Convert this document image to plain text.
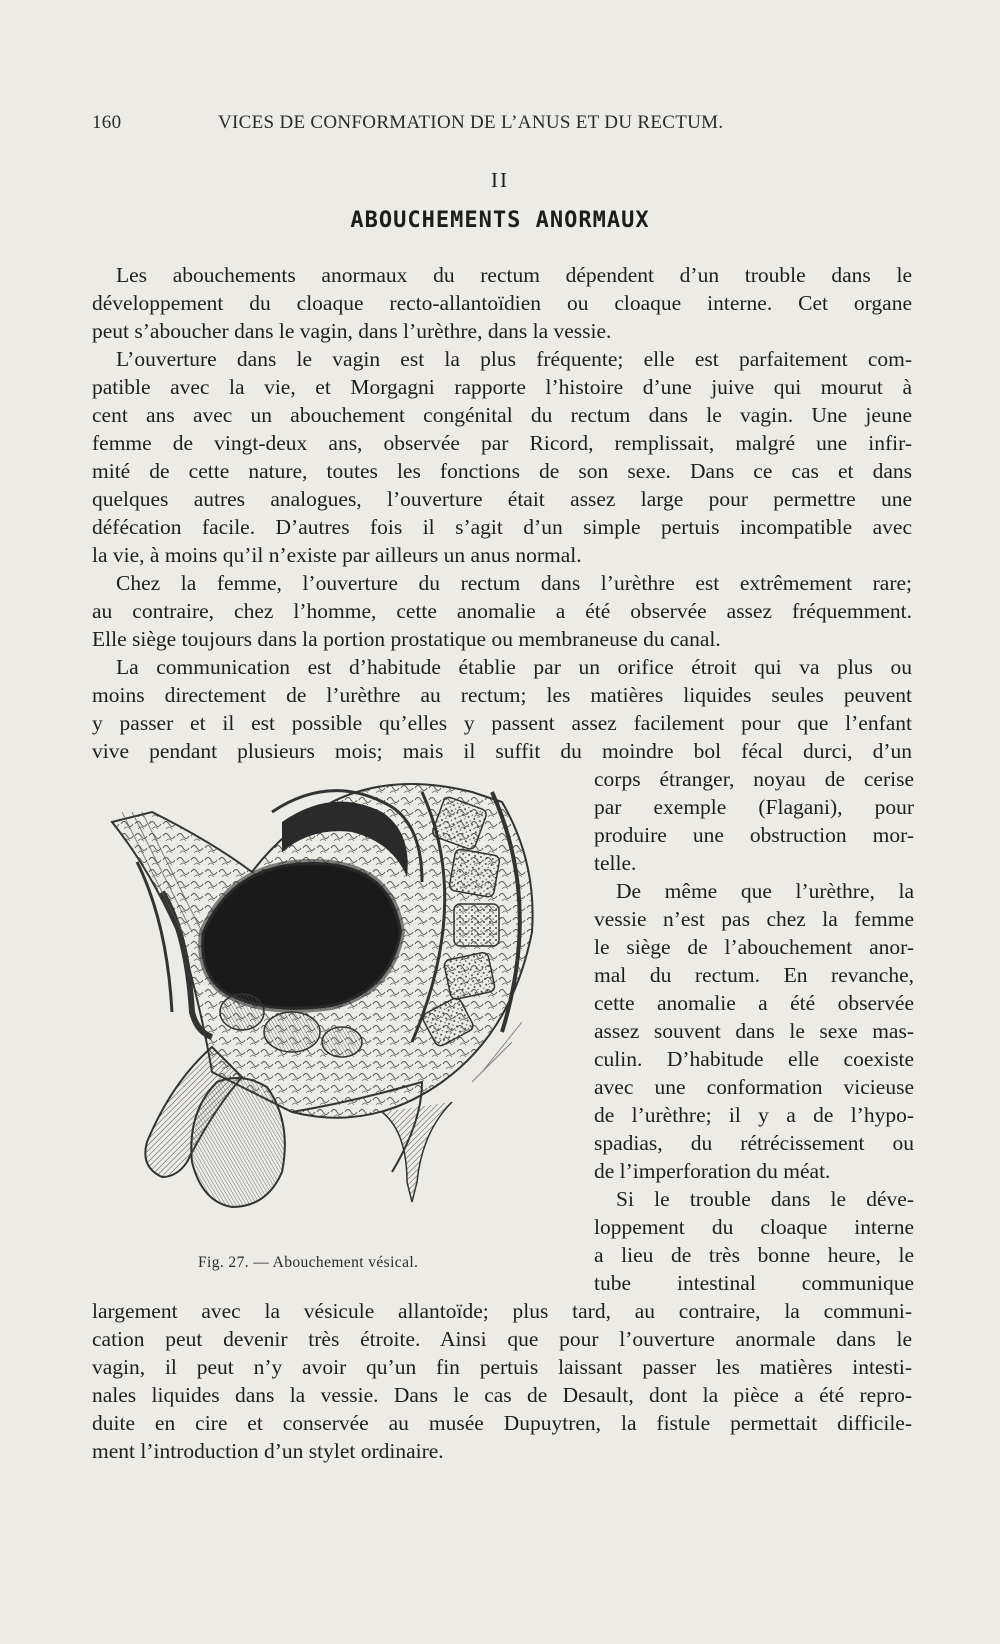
160	VICES DE CONFORMATION DE L’ANUS ET DU RECTUM.
II
ABOUCHEMENTS ANORMAUX
Les abouchements anormaux du rectum dépendent d’un trouble dans le
développement du cloaque recto-allantoïdien ou cloaque interne. Cet organe
peut s’aboucher dans le vagin, dans l’urèthre, dans la vessie.
L’ouverture dans le vagin est la plus fréquente; elle est parfaitement com-
patible avec la vie, et Morgagni rapporte l’histoire d’une juive qui mourut à
cent ans avec un abouchement congénital du rectum dans le vagin. Une jeune
femme de vingt-deux ans, observée par Ricord, remplissait, malgré une infir-
mité de cette nature, toutes les fonctions de son sexe. Dans ce cas et dans
quelques autres analogues, l’ouverture était assez large pour permettre une
défécation facile. D’autres fois il s’agit d’un simple pertuis incompatible avec
la vie, à moins qu’il n’existe par ailleurs un anus normal.
Chez la femme, l’ouverture du rectum dans l’urèthre est extrêmement rare;
au contraire, chez l’homme, cette anomalie a été observée assez fréquemment.
Elle siège toujours dans la portion prostatique ou membraneuse du canal.
La communication est d’habitude établie par un orifice étroit qui va plus ou
moins directement de l’urèthre au rectum; les matières liquides seules peuvent
y passer et il est possible qu’elles y passent assez facilement pour que l’enfant
vive pendant plusieurs mois; mais il suffit du moindre bol fécal durci, d’un
corps étranger, noyau de cerise
par exemple (Flagani), pour
produire une obstruction mor-
telle.
De même que l’urèthre, la
vessie n’est pas chez la femme
le siège de l’abouchement anor-
mal du rectum. En revanche,
cette anomalie a été observée
assez souvent dans le sexe mas-
culin. D’habitude elle coexiste
avec une conformation vicieuse
de l’urèthre; il y a de l’hypo-
spadias, du rétrécissement ou
de l’imperforation du méat.
Si le trouble dans le déve-
loppement du cloaque interne
a lieu de très bonne heure, le
tube intestinal communique
Fig. 27. — Abouchement vésical.
largement avec la vésicule allantoïde; plus tard, au contraire, la communi-
cation peut devenir très étroite. Ainsi que pour l’ouverture anormale dans le
vagin, il peut n’y avoir qu’un fin pertuis laissant passer les matières intesti-
nales liquides dans la vessie. Dans le cas de Desault, dont la pièce a été repro-
duite en cire et conservée au musée Dupuytren, la fistule permettait difficile-
ment l’introduction d’un stylet ordinaire.
